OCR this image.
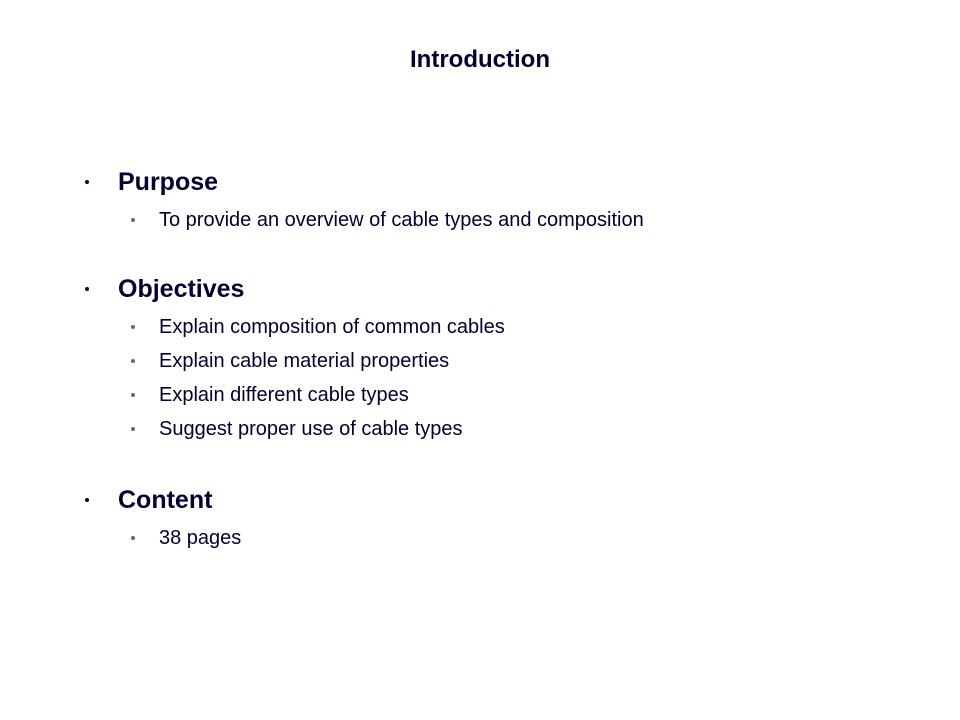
Introduction
Purpose
To provide an overview of cable types and composition
Objectives
Explain composition of common cables
Explain cable material properties
Explain different cable types
Suggest proper use of cable types
Content
38 pages
